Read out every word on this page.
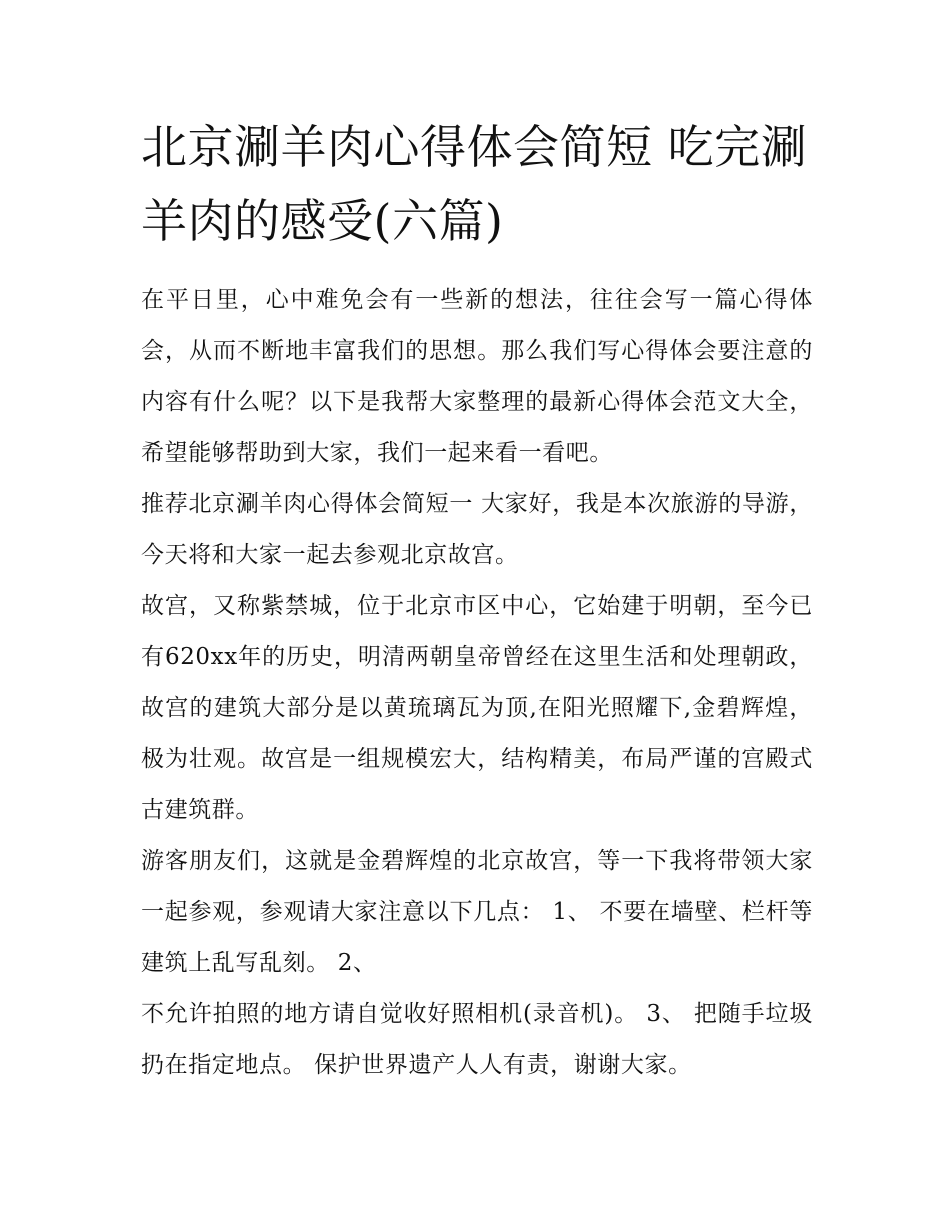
北京涮羊肉心得体会简短 吃完涮羊肉的感受(六篇)

在平日里，心中难免会有一些新的想法，往往会写一篇心得体会，从而不断地丰富我们的思想。那么我们写心得体会要注意的内容有什么呢？以下是我帮大家整理的最新心得体会范文大全，希望能够帮助到大家，我们一起来看一看吧。

推荐北京涮羊肉心得体会简短一 大家好，我是本次旅游的导游，今天将和大家一起去参观北京故宫。

故宫，又称紫禁城，位于北京市区中心，它始建于明朝，至今已有620xx年的历史，明清两朝皇帝曾经在这里生活和处理朝政，故宫的建筑大部分是以黄琉璃瓦为顶,在阳光照耀下,金碧辉煌，极为壮观。故宫是一组规模宏大，结构精美，布局严谨的宫殿式古建筑群。

游客朋友们，这就是金碧辉煌的北京故宫，等一下我将带领大家一起参观，参观请大家注意以下几点： 1、 不要在墙壁、栏杆等建筑上乱写乱刻。 2、

不允许拍照的地方请自觉收好照相机(录音机)。 3、 把随手垃圾扔在指定地点。 保护世界遗产人人有责，谢谢大家。
